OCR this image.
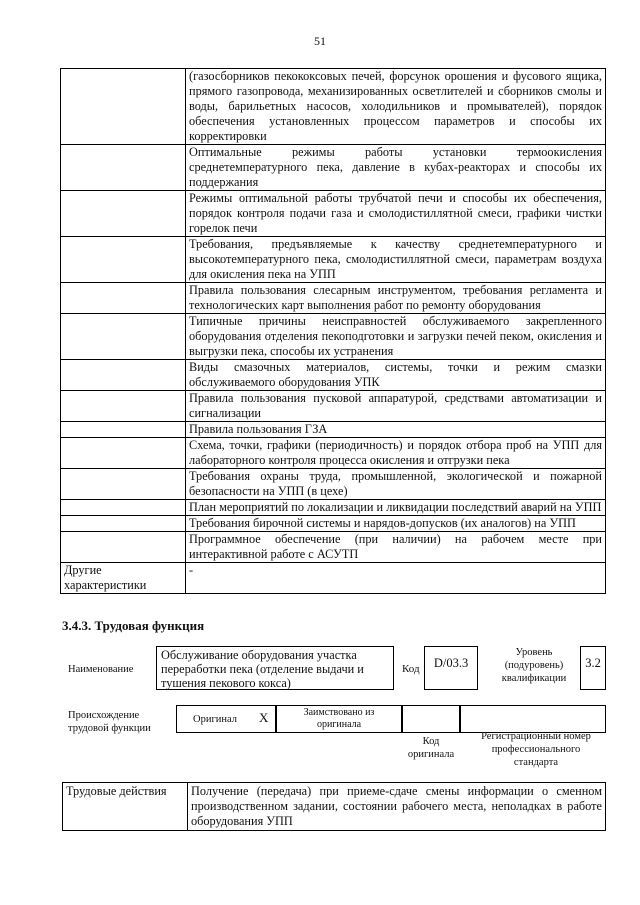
51
	(газосборников пекококсовых печей, форсунок орошения и фусового ящика, прямого газопровода, механизированных осветлителей и сборников смолы и воды, барильетных насосов, холодильников и промывателей), порядок обеспечения установленных процессом параметров и способы их корректировки
	Оптимальные режимы работы установки термоокисления среднетемпературного пека, давление в кубах-реакторах и способы их поддержания
	Режимы оптимальной работы трубчатой печи и способы их обеспечения, порядок контроля подачи газа и смолодистиллятной смеси, графики чистки горелок печи
	Требования, предъявляемые к качеству среднетемпературного и высокотемпературного пека, смолодистиллятной смеси, параметрам воздуха для окисления пека на УПП
	Правила пользования слесарным инструментом, требования регламента и технологических карт выполнения работ по ремонту оборудования
	Типичные причины неисправностей обслуживаемого закрепленного оборудования отделения пекоподготовки и загрузки печей пеком, окисления и выгрузки пека, способы их устранения
	Виды смазочных материалов, системы, точки и режим смазки обслуживаемого оборудования УПК
	Правила пользования пусковой аппаратурой, средствами автоматизации и сигнализации
	Правила пользования ГЗА
	Схема, точки, графики (периодичность) и порядок отбора проб на УПП для лабораторного контроля процесса окисления и отгрузки пека
	Требования охраны труда, промышленной, экологической и пожарной безопасности на УПП (в цехе)
	План мероприятий по локализации и ликвидации последствий аварий на УПП
	Требования бирочной системы и нарядов-допусков (их аналогов) на УПП
	Программное обеспечение (при наличии) на рабочем месте при интерактивной работе с АСУТП
Другие характеристики	-
3.4.3. Трудовая функция
Наименование
Обслуживание оборудования участка переработки пека (отделение выдачи и тушения пекового кокса)
Код	D/03.3
Уровень (подуровень) квалификации
3.2
Происхождение трудовой функции
Оригинал X	Заимствовано из оригинала
Код оригинала
Регистрационный номер профессионального стандарта
Трудовые действия	Получение (передача) при приеме-сдаче смены информации о сменном производственном задании, состоянии рабочего места, неполадках в работе оборудования УПП
